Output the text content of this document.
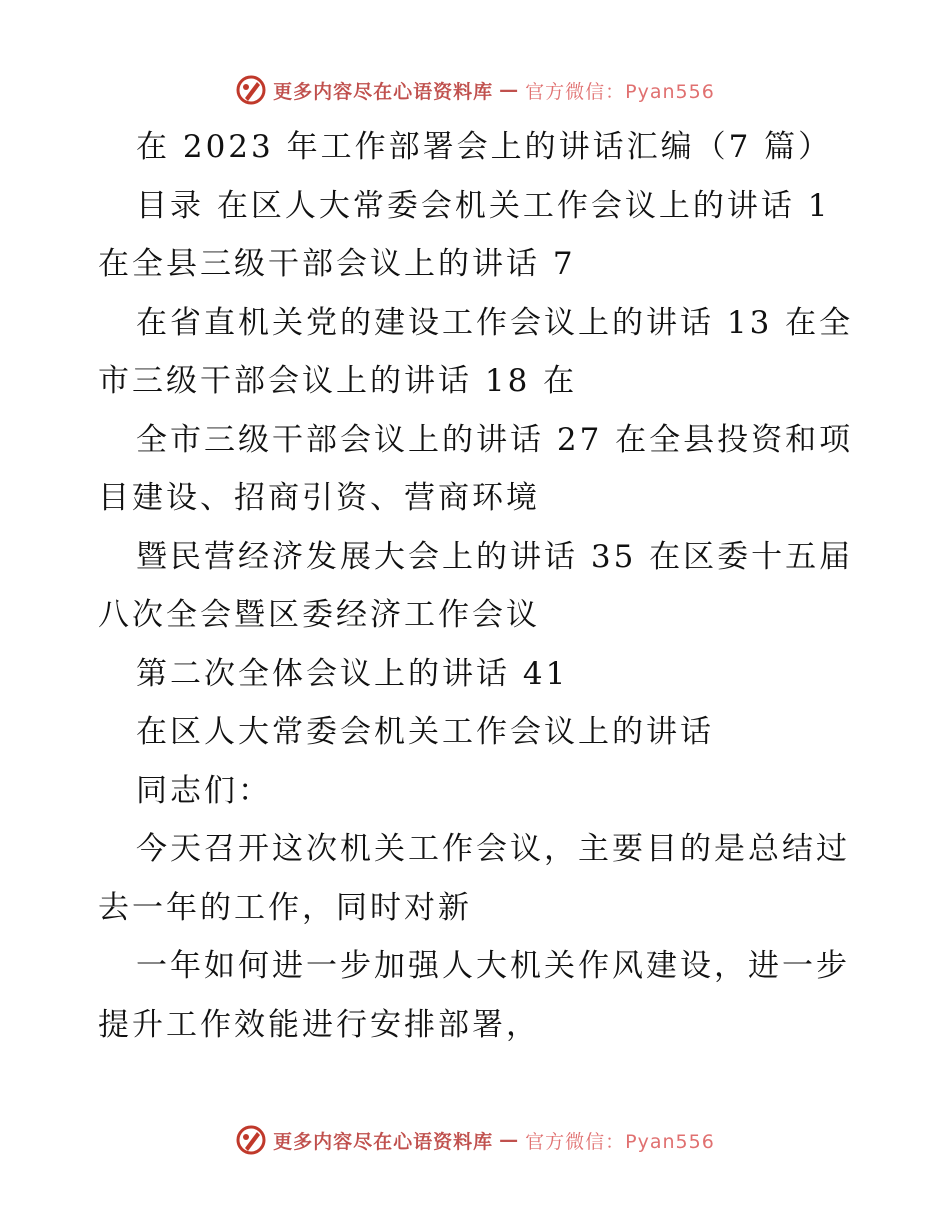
更多内容尽在心语资料库 — 官方微信：Pyan556
在 2023 年工作部署会上的讲话汇编（7 篇）
目录 在区人大常委会机关工作会议上的讲话 1
在全县三级干部会议上的讲话 7
在省直机关党的建设工作会议上的讲话 13 在全
市三级干部会议上的讲话 18 在
全市三级干部会议上的讲话 27 在全县投资和项
目建设、招商引资、营商环境
暨民营经济发展大会上的讲话 35 在区委十五届
八次全会暨区委经济工作会议
第二次全体会议上的讲话 41
在区人大常委会机关工作会议上的讲话
同志们：
今天召开这次机关工作会议，主要目的是总结过
去一年的工作，同时对新
一年如何进一步加强人大机关作风建设，进一步
提升工作效能进行安排部署，
更多内容尽在心语资料库 — 官方微信：Pyan556
